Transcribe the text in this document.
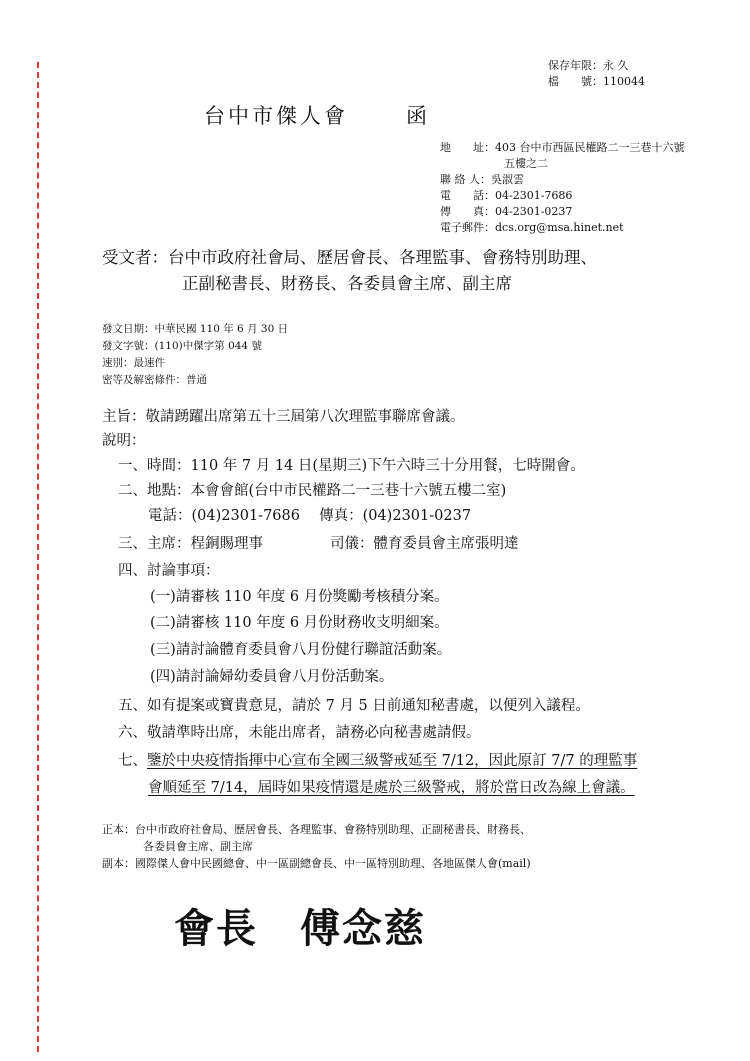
保存年限：永 久
檔　　號：110044
台中市傑人會	函
地　　址：403 台中市西區民權路二一三巷十六號
五樓之二
聯 絡 人：吳淑雲
電　　話：04-2301-7686
傳　　真：04-2301-0237
電子郵件：dcs.org@msa.hinet.net
受文者：台中市政府社會局、歷居會長、各理監事、會務特別助理、
正副秘書長、財務長、各委員會主席、副主席
發文日期：中華民國 110 年 6 月 30 日
發文字號：(110)中傑字第 044 號
速別：最速件
密等及解密條件：普通
主旨：敬請踴躍出席第五十三屆第八次理監事聯席會議。
說明：
一、時間：110 年 7 月 14 日(星期三)下午六時三十分用餐，七時開會。
二、地點：本會會館(台中市民權路二一三巷十六號五樓二室)
電話：(04)2301-7686　 傳真：(04)2301-0237
三、主席：程銅賜理事	司儀：體育委員會主席張明達
四、討論事項：
(一)請審核 110 年度 6 月份獎勵考核積分案。
(二)請審核 110 年度 6 月份財務收支明細案。
(三)請討論體育委員會八月份健行聯誼活動案。
(四)請討論婦幼委員會八月份活動案。
五、如有提案或寶貴意見，請於 7 月 5 日前通知秘書處，以便列入議程。
六、敬請準時出席，未能出席者，請務必向秘書處請假。
七、鑒於中央疫情指揮中心宣布全國三級警戒延至 7/12，因此原訂 7/7 的理監事
會順延至 7/14，屆時如果疫情還是處於三級警戒，將於當日改為線上會議。
正本：台中市政府社會局、歷居會長、各理監事、會務特別助理、正副秘書長、財務長、
各委員會主席、副主席
副本：國際傑人會中民國總會、中一區副總會長、中一區特別助理、各地區傑人會(mail)
會長 傅念慈
